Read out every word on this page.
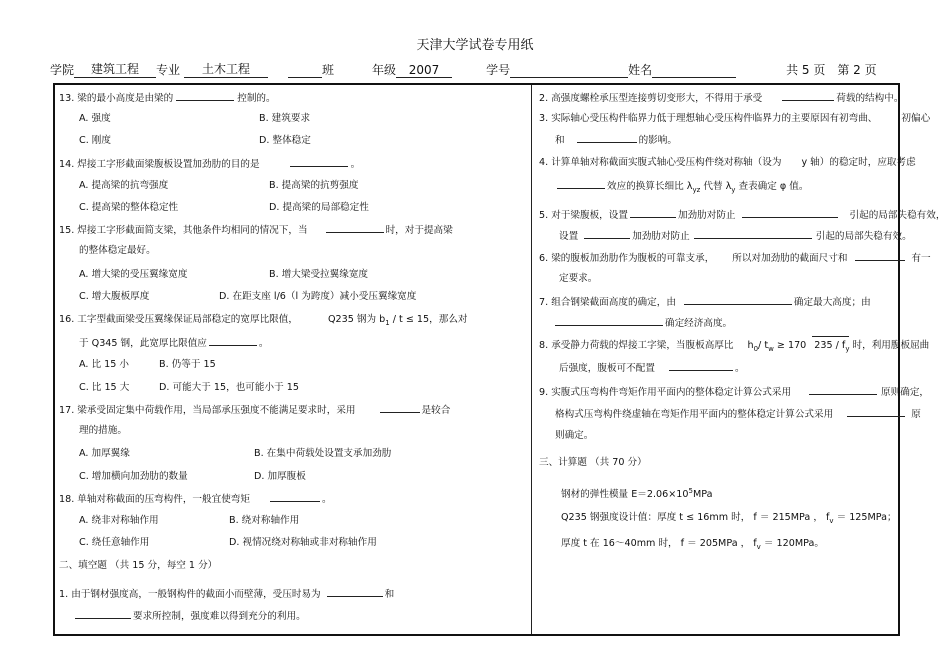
天津大学试卷专用纸
学院	建筑工程	专业	土木工程	班	年级	2007	学号	姓名	共 5 页 第 2 页
13. 梁的最小高度是由梁的	控制的。
A. 强度	B. 建筑要求
C. 刚度	D. 整体稳定
14. 焊接工字形截面梁腹板设置加劲肋的目的是	。
A. 提高梁的抗弯强度	B. 提高梁的抗剪强度
C. 提高梁的整体稳定性	D. 提高梁的局部稳定性
15. 焊接工字形截面简支梁，其他条件均相同的情况下，当	时，对于提高梁
的整体稳定最好。
A. 增大梁的受压翼缘宽度	B. 增大梁受拉翼缘宽度
C. 增大腹板厚度	D. 在距支座 l/6（l 为跨度）减小受压翼缘宽度
16. 工字型截面梁受压翼缘保证局部稳定的宽厚比限值，	Q235 钢为 $b_1 / t \le 15$，那么对
于 Q345 钢，此宽厚比限值应	。
A. 比 15 小	B. 仍等于 15
C. 比 15 大	D. 可能大于 15，也可能小于 15
17. 梁承受固定集中荷载作用，当局部承压强度不能满足要求时，采用	是较合
理的措施。
A. 加厚翼缘	B. 在集中荷载处设置支承加劲肋
C. 增加横向加劲肋的数量	D. 加厚腹板
18. 单轴对称截面的压弯构件，一般宜使弯矩	。
A. 绕非对称轴作用	B. 绕对称轴作用
C. 绕任意轴作用	D. 视情况绕对称轴或非对称轴作用
二、填空题 （共 15 分，每空 1 分）
1. 由于钢材强度高，一般钢构件的截面小而壁薄，受压时易为	和
要求所控制，强度难以得到充分的利用。
2. 高强度螺栓承压型连接剪切变形大，不得用于承受	荷载的结构中。
3. 实际轴心受压构件临界力低于理想轴心受压构件临界力的主要原因有初弯曲、	初偏心
和	的影响。
4. 计算单轴对称截面实腹式轴心受压构件绕对称轴（设为 y 轴）的稳定时，应取考虑
效应的换算长细比 $\lambda_{yz}$ 代替 $\lambda_y$ 查表确定 φ 值。
5. 对于梁腹板，设置	加劲肋对防止	引起的局部失稳有效，
设置	加劲肋对防止	引起的局部失稳有效。
6. 梁的腹板加劲肋作为腹板的可靠支承， 所以对加劲肋的截面尺寸和	有一
定要求。
7. 组合钢梁截面高度的确定，由	确定最大高度；由
确定经济高度。
8. 承受静力荷载的焊接工字梁，当腹板高厚比 $h_0/$ $t_w \ge 170$ $235 / f_y$ 时，利用腹板屈曲
后强度，腹板可不配置	。
9. 实腹式压弯构件弯矩作用平面内的整体稳定计算公式采用	原则确定，
格构式压弯构件绕虚轴在弯矩作用平面内的整体稳定计算公式采用	原
则确定。
三、计算题 （共 70 分）
钢材的弹性模量 $E=2.06\times 10^5MPa$
Q235 钢强度设计值：厚度 t ≤ 16mm 时， f ＝ 215MPa ， $f_v = 125MPa$；
厚度 t 在 16～40mm 时， f ＝ 205MPa ， $f_v = 120MPa$。
